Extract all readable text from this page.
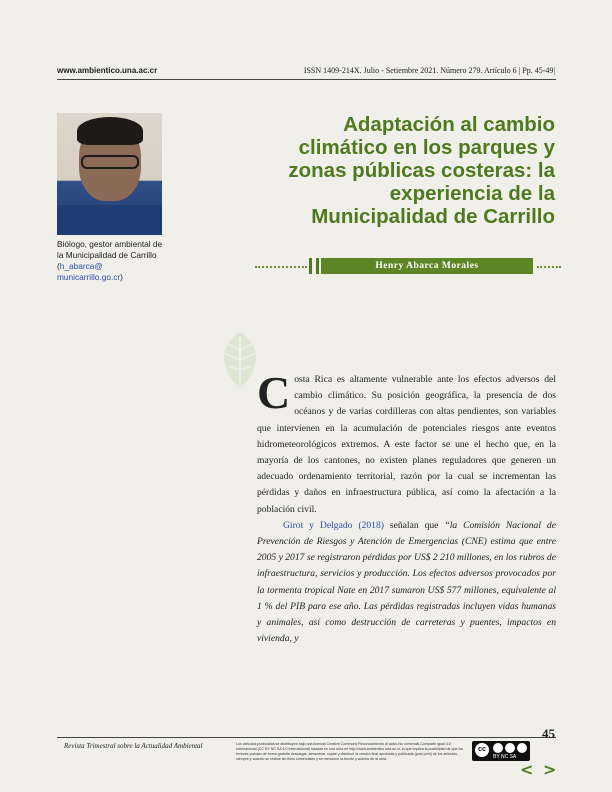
www.ambientico.una.ac.cr	ISSN 1409-214X. Julio - Setiembre 2021. Número 279. Artículo 6 | Pp. 45-49|
Biólogo, gestor ambiental de la Municipalidad de Carrillo (h_abarca@ municarrillo.go.cr)
Adaptación al cambio climático en los parques y zonas públicas costeras: la experiencia de la Municipalidad de Carrillo
Henry Abarca Morales

Costa Rica es altamente vulnerable ante los efectos adversos del cambio climático. Su posición geográfica, la presencia de dos océanos y de varias cordilleras con altas pendientes, son variables que intervienen en la acumulación de potenciales riesgos ante eventos hidrometeorológicos extremos. A este factor se une el hecho que, en la mayoría de los cantones, no existen planes reguladores que generen un adecuado ordenamiento territorial, razón por la cual se incrementan las pérdidas y daños en infraestructura pública, así como la afectación a la población civil.

Girot y Delgado (2018) señalan que “la Comisión Nacional de Prevención de Riesgos y Atención de Emergencias (CNE) estima que entre 2005 y 2017 se registraron pérdidas por US$ 2 210 millones, en los rubros de infraestructura, servicios y producción. Los efectos adversos provocados por la tormenta tropical Nate en 2017 sumaron US$ 577 millones, equivalente al 1 % del PIB para ese año. Las pérdidas registradas incluyen vidas humanas y animales, así como destrucción de carreteras y puentes, impactos en vivienda, y

45
Revista Trimestral sobre la Actualidad Ambiental	Los artículos publicados se distribuyen bajo una licencia Creative Commons Reconocimiento al autor-No comercial-Compartir igual 4.0 Internacional (CC BY NC SA 4.0 Internacional) basada en una obra en http://www.ambientico.una.ac.cr, lo que implica la posibilidad de que los lectores puedan de forma gratuita descargar, almacenar, copiar y distribuir la versión final aprobada y publicada (post print) de los artículos, siempre y cuando se realice sin fines comerciales y se mencione la fuente y autoría de la obra.
cc
BY NC SA
< >
